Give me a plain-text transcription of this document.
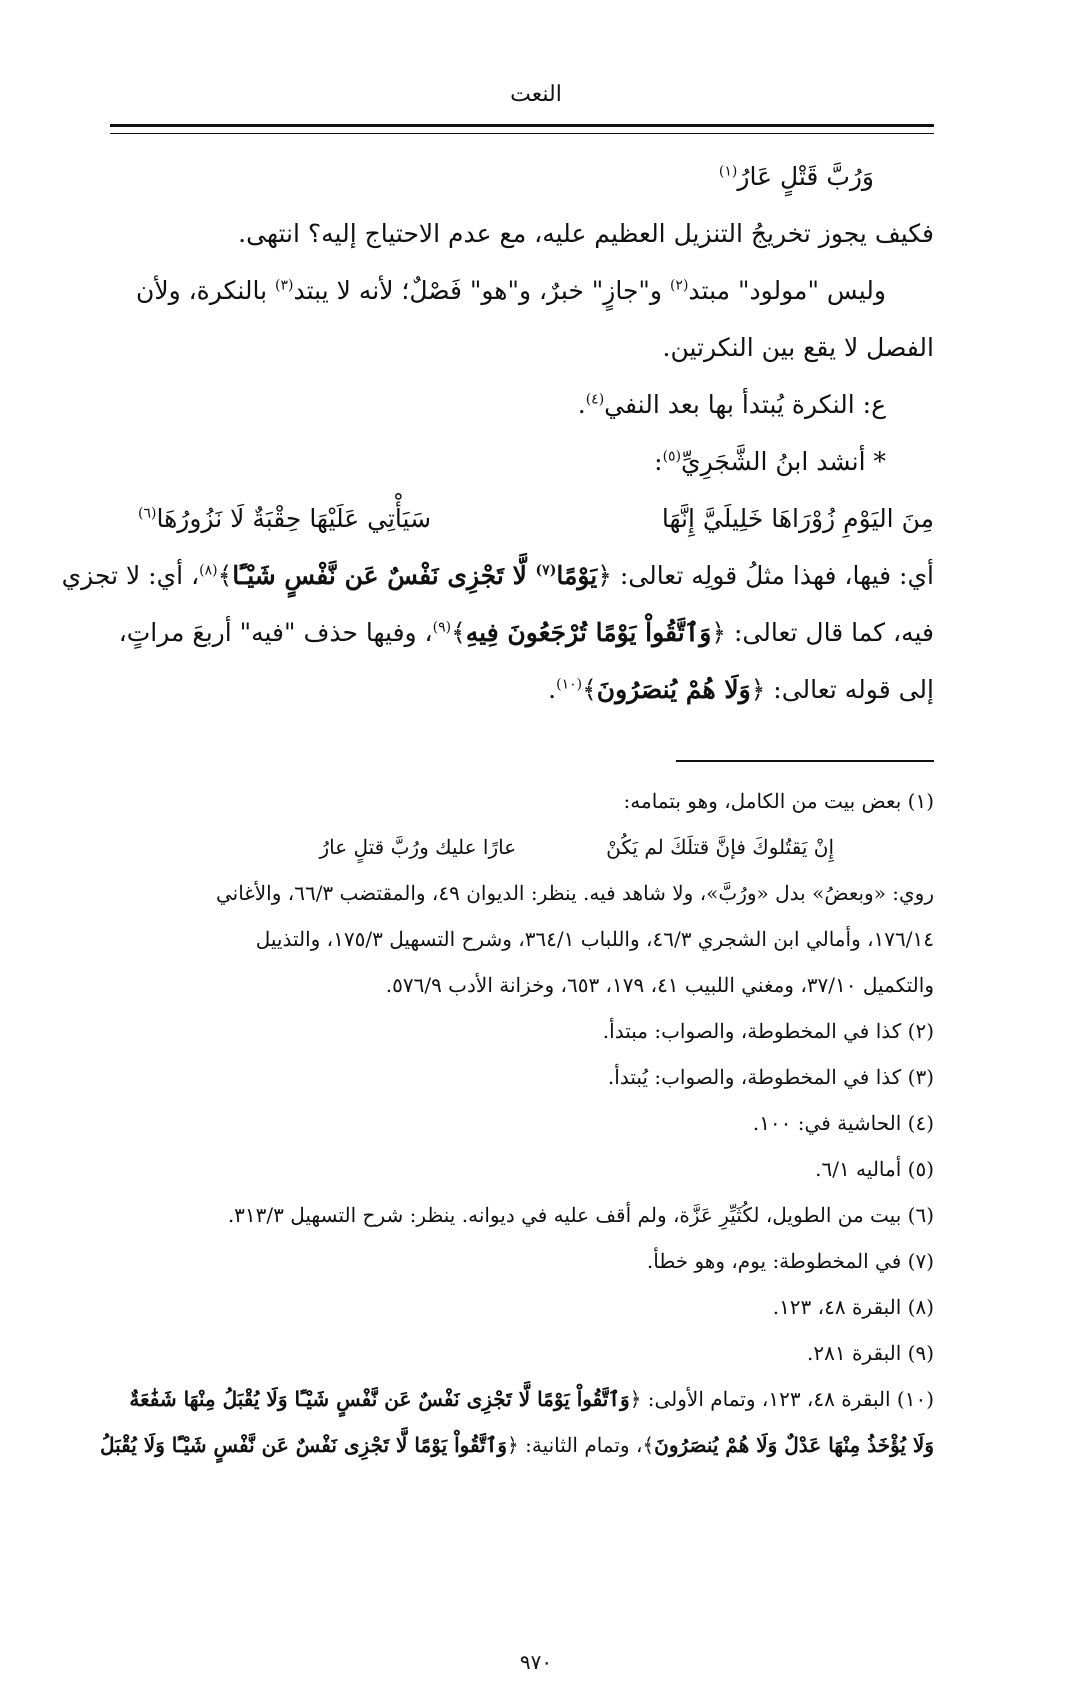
النعت
وَرُبَّ قَتْلٍ عَارُ$^{(١)}$
فكيف يجوز تخريجُ التنزيل العظيم عليه، مع عدم الاحتياج إليه؟ انتهى.
وليس "مولود" مبتد$^{(٢)}$ و"جازٍ" خبرٌ، و"هو" فَصْلٌ؛ لأنه لا يبتد$^{(٣)}$ بالنكرة، ولأن
الفصل لا يقع بين النكرتين.
ع: النكرة يُبتدأ بها بعد النفي$^{(٤)}$.
* أنشد ابنُ الشَّجَرِيِّ$^{(٥)}$:
مِنَ اليَوْمِ زُوْرَاهَا خَلِيلَيَّ إِنَّهَا
سَيَأْتِي عَلَيْهَا حِقْبَةٌ لَا نَزُورُهَا$^{(٦)}$
أي: فيها، فهذا مثلُ قولِه تعالى: ﴿يَوْمًا$^{(٧)}$ لَّا تَجْزِى نَفْسٌ عَن نَّفْسٍ شَيْـًٔا﴾$^{(٨)}$، أي: لا تجزي
فيه، كما قال تعالى: ﴿وَٱتَّقُواْ يَوْمًا تُرْجَعُونَ فِيهِ﴾$^{(٩)}$، وفيها حذف "فيه" أربعَ مراتٍ،
إلى قوله تعالى: ﴿وَلَا هُمْ يُنصَرُونَ﴾$^{(١٠)}$.
(١) بعض بيت من الكامل، وهو بتمامه:
إِنْ يَقتُلوكَ فإنَّ قتلَكَ لم يَكُنْعارًا عليك ورُبَّ قتلٍ عارُ
روي: «وبعضُ» بدل «ورُبَّ»، ولا شاهد فيه. ينظر: الديوان ٤٩، والمقتضب ٦٦/٣، والأغاني
١٧٦/١٤، وأمالي ابن الشجري ٤٦/٣، واللباب ٣٦٤/١، وشرح التسهيل ١٧٥/٣، والتذييل
والتكميل ٣٧/١٠، ومغني اللبيب ٤١، ١٧٩، ٦٥٣، وخزانة الأدب ٥٧٦/٩.
(٢) كذا في المخطوطة، والصواب: مبتدأ.
(٣) كذا في المخطوطة، والصواب: يُبتدأ.
(٤) الحاشية في: ١٠٠.
(٥) أماليه ٦/١.
(٦) بيت من الطويل، لكُثَيِّرِ عَزَّة، ولم أقف عليه في ديوانه. ينظر: شرح التسهيل ٣١٣/٣.
(٧) في المخطوطة: يوم، وهو خطأ.
(٨) البقرة ٤٨، ١٢٣.
(٩) البقرة ٢٨١.
(١٠) البقرة ٤٨، ١٢٣، وتمام الأولى: ﴿وَٱتَّقُواْ يَوْمًا لَّا تَجْزِى نَفْسٌ عَن نَّفْسٍ شَيْـًٔا وَلَا يُقْبَلُ مِنْهَا شَفَٰعَةٌ
وَلَا يُؤْخَذُ مِنْهَا عَدْلٌ وَلَا هُمْ يُنصَرُونَ﴾، وتمام الثانية: ﴿وَٱتَّقُواْ يَوْمًا لَّا تَجْزِى نَفْسٌ عَن نَّفْسٍ شَيْـًٔا وَلَا يُقْبَلُ
٩٧٠
